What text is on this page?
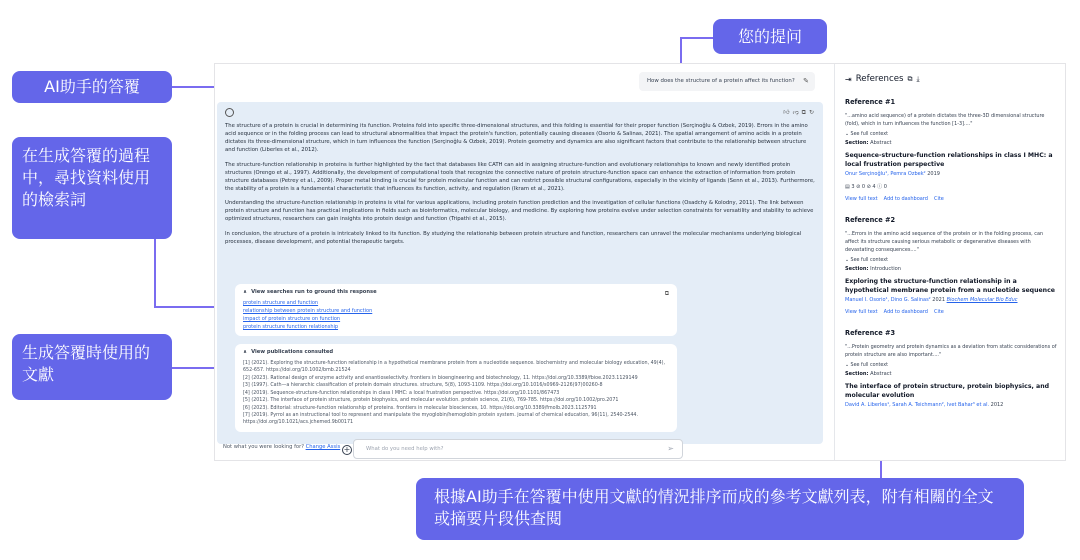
您的提问
AI助手的答覆
在生成答覆的過程中，尋找資料使用的檢索詞
生成答覆時使用的文獻
根據AI助手在答覆中使用文獻的情況排序而成的參考文獻列表，附有相關的全文或摘要片段供查閱
How does the structure of a protein affect its function? ✎
👍︎👎︎⧉↻

The structure of a protein is crucial in determining its function. Proteins fold into specific three-dimensional structures, and this folding is essential for their proper function (Serçinoğlu & Ozbek, 2019). Errors in the amino acid sequence or in the folding process can lead to structural abnormalities that impact the protein's function, potentially causing diseases (Osorio & Salinas, 2021). The spatial arrangement of amino acids in a protein dictates its three-dimensional structure, which in turn influences the function (Serçinoğlu & Ozbek, 2019). Protein geometry and dynamics are also significant factors that contribute to the relationship between structure and function (Liberles et al., 2012).

The structure-function relationship in proteins is further highlighted by the fact that databases like CATH can aid in assigning structure-function and evolutionary relationships to known and newly identified protein structures (Orengo et al., 1997). Additionally, the development of computational tools that recognize the connective nature of protein structure-function space can enhance the extraction of information from protein structure databases (Petrey et al., 2009). Proper metal binding is crucial for protein molecular function and can restrict possible structural configurations, especially in the vicinity of ligands (Senn et al., 2013). Furthermore, the stability of a protein is a fundamental characteristic that influences its function, activity, and regulation (Ikram et al., 2021).

Understanding the structure-function relationship in proteins is vital for various applications, including protein function prediction and the investigation of cellular functions (Osadchy & Kolodny, 2011). The link between protein structure and function has practical implications in fields such as bioinformatics, molecular biology, and medicine. By exploring how proteins evolve under selection constraints for versatility and stability to achieve optimized structures, researchers can gain insights into protein design and function (Tripathi et al., 2015).

In conclusion, the structure of a protein is intricately linked to its function. By studying the relationship between protein structure and function, researchers can unravel the molecular mechanisms underlying biological processes, disease development, and potential therapeutic targets.

∧ View searches run to ground this response	⧉
protein structure and function
relationship between protein structure and function
impact of protein structure on function
protein structure function relationship
∧ View publications consulted
[1] (2021). Exploring the structure-function relationship in a hypothetical membrane protein from a nucleotide sequence. biochemistry and molecular biology education, 49(4), 652-657. https://doi.org/10.1002/bmb.21524
[2] (2023). Rational design of enzyme activity and enantioselectivity. frontiers in bioengineering and biotechnology, 11. https://doi.org/10.3389/fbioe.2023.1129149
[3] (1997). Cath—a hierarchic classification of protein domain structures. structure, 5(8), 1093-1109. https://doi.org/10.1016/s0969-2126(97)00260-8
[4] (2019). Sequence-structure-function relationships in class I MHC: a local frustration perspective. https://doi.org/10.1101/867473
[5] (2012). The interface of protein structure, protein biophysics, and molecular evolution. protein science, 21(6), 769-785. https://doi.org/10.1002/pro.2071
[6] (2023). Editorial: structure-function relationship of proteins. frontiers in molecular biosciences, 10. https://doi.org/10.3389/fmolb.2023.1125791
[7] (2019). Pyrrol as an instructional tool to represent and manipulate the myoglobin/hemoglobin protein system. journal of chemical education, 96(11), 2540-2544. https://doi.org/10.1021/acs.jchemed.9b00171
Not what you were looking for? Change Assis +	What do you need help with?	➢
⇥ References ⧉ ⤓
Reference #1
"...amino acid sequence) of a protein dictates the three-3D dimensional structure (fold), which in turn influences the function [1-3]...."
⌄ See full context
Section: Abstract
Sequence-structure-function relationships in class I MHC: a local frustration perspective
Onur Serçinoğlu¹, Pemra Ozbek² 2019
▤ 3 ⊘ 0 ⊘ 4 ⓘ 0
View full text Add to dashboard Cite
Reference #2
"...Errors in the amino acid sequence of the protein or in the folding process, can affect its structure causing serious metabolic or degenerative diseases with devastating consequences...."
⌄ See full context
Section: Introduction
Exploring the structure-function relationship in a hypothetical membrane protein from a nucleotide sequence
Manuel I. Osorio¹, Dino G. Salinas² 2021 Biochem Molecular Bio Educ
View full text Add to dashboard Cite
Reference #3
"...Protein geometry and protein dynamics as a deviation from static considerations of protein structure are also important...."
⌄ See full context
Section: Abstract
The interface of protein structure, protein biophysics, and molecular evolution
David A. Liberles¹, Sarah A. Teichmann², Ivet Bahar³ et al. 2012
